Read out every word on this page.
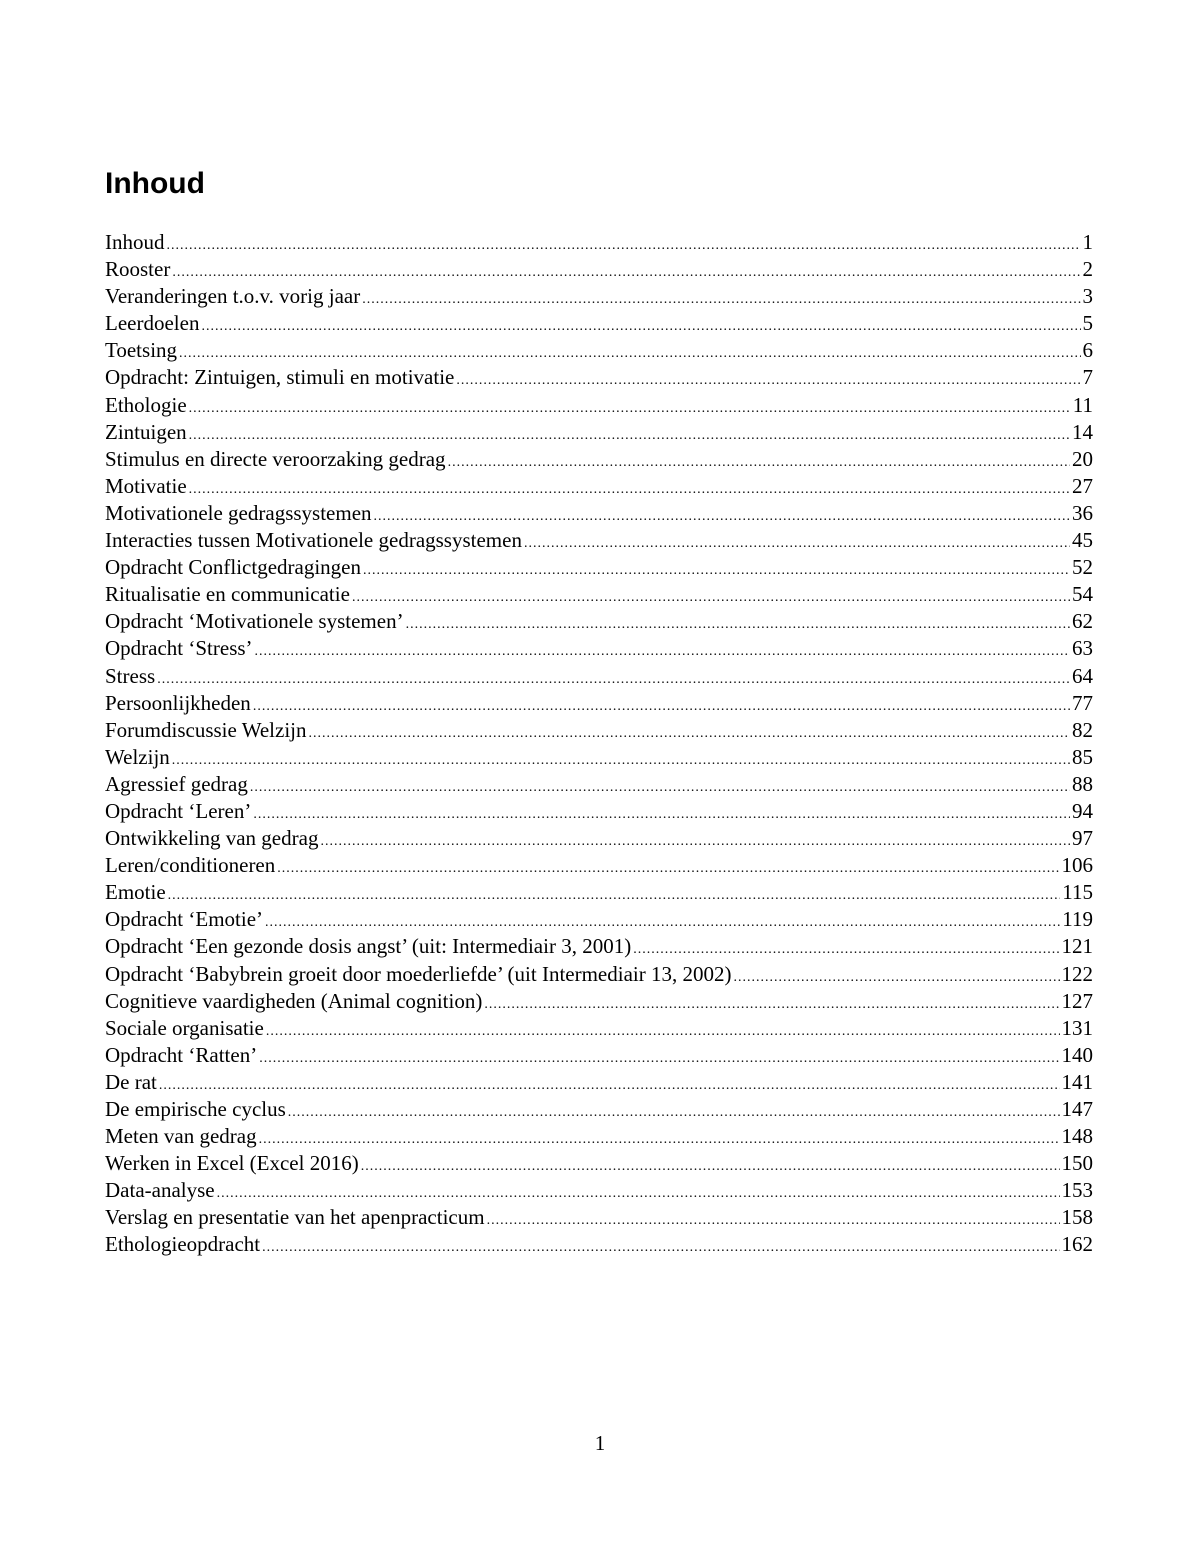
Inhoud
Inhoud .....	1
Rooster .....	2
Veranderingen t.o.v. vorig jaar .....	3
Leerdoelen .....	5
Toetsing .....	6
Opdracht: Zintuigen, stimuli en motivatie .....	7
Ethologie .....	11
Zintuigen .....	14
Stimulus en directe veroorzaking gedrag .....	20
Motivatie .....	27
Motivationele gedragssystemen .....	36
Interacties tussen Motivationele gedragssystemen .....	45
Opdracht Conflictgedragingen .....	52
Ritualisatie en communicatie .....	54
Opdracht ‘Motivationele systemen’ .....	62
Opdracht ‘Stress’ .....	63
Stress .....	64
Persoonlijkheden .....	77
Forumdiscussie Welzijn .....	82
Welzijn .....	85
Agressief gedrag .....	88
Opdracht ‘Leren’ .....	94
Ontwikkeling van gedrag .....	97
Leren/conditioneren .....	106
Emotie .....	115
Opdracht ‘Emotie’ .....	119
Opdracht ‘Een gezonde dosis angst’ (uit: Intermediair 3, 2001) .....	121
Opdracht ‘Babybrein groeit door moederliefde’ (uit Intermediair 13, 2002) .....	122
Cognitieve vaardigheden (Animal cognition) .....	127
Sociale organisatie .....	131
Opdracht ‘Ratten’ .....	140
De rat .....	141
De empirische cyclus .....	147
Meten van gedrag .....	148
Werken in Excel (Excel 2016) .....	150
Data-analyse .....	153
Verslag en presentatie van het apenpracticum .....	158
Ethologieopdracht .....	162
1
